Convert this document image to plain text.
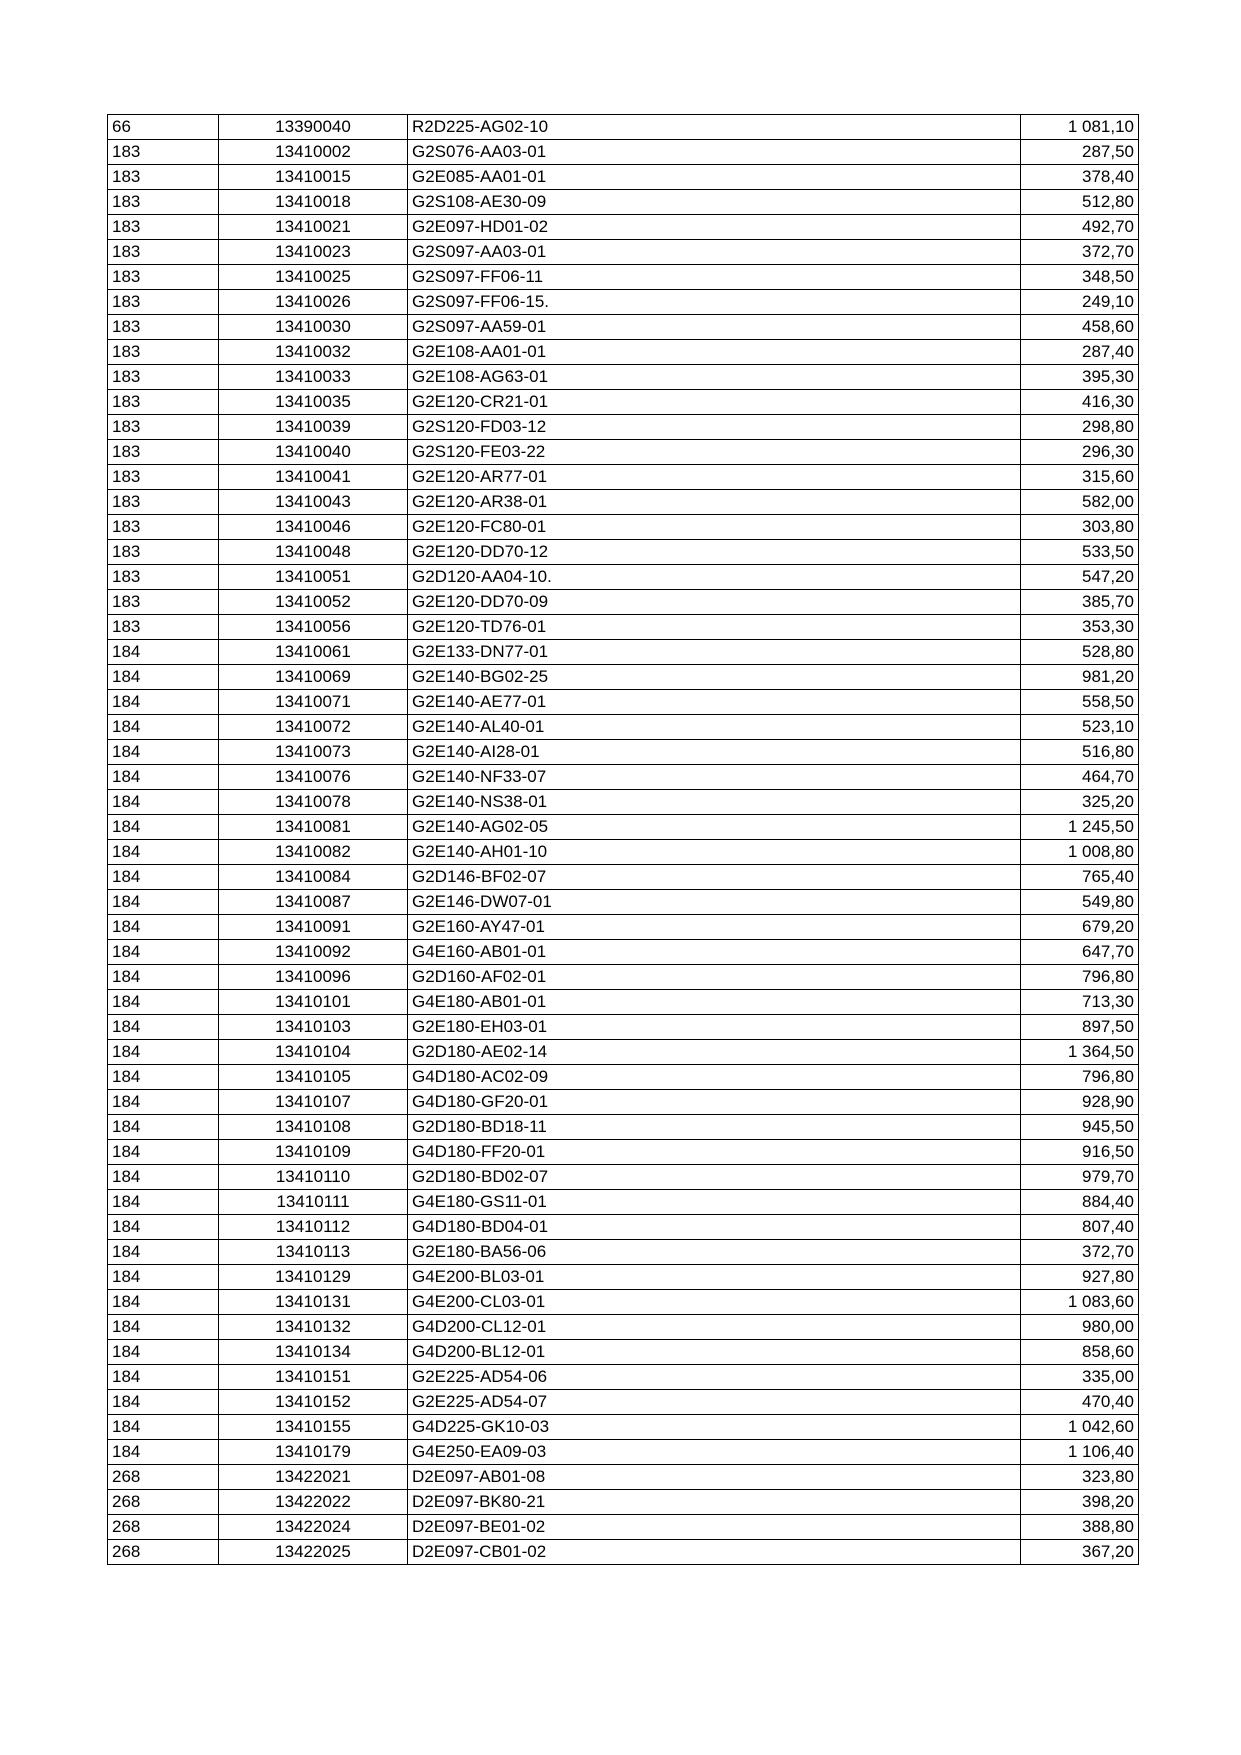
66	13390040	R2D225-AG02-10	1 081,10
183	13410002	G2S076-AA03-01	287,50
183	13410015	G2E085-AA01-01	378,40
183	13410018	G2S108-AE30-09	512,80
183	13410021	G2E097-HD01-02	492,70
183	13410023	G2S097-AA03-01	372,70
183	13410025	G2S097-FF06-11	348,50
183	13410026	G2S097-FF06-15.	249,10
183	13410030	G2S097-AA59-01	458,60
183	13410032	G2E108-AA01-01	287,40
183	13410033	G2E108-AG63-01	395,30
183	13410035	G2E120-CR21-01	416,30
183	13410039	G2S120-FD03-12	298,80
183	13410040	G2S120-FE03-22	296,30
183	13410041	G2E120-AR77-01	315,60
183	13410043	G2E120-AR38-01	582,00
183	13410046	G2E120-FC80-01	303,80
183	13410048	G2E120-DD70-12	533,50
183	13410051	G2D120-AA04-10.	547,20
183	13410052	G2E120-DD70-09	385,70
183	13410056	G2E120-TD76-01	353,30
184	13410061	G2E133-DN77-01	528,80
184	13410069	G2E140-BG02-25	981,20
184	13410071	G2E140-AE77-01	558,50
184	13410072	G2E140-AL40-01	523,10
184	13410073	G2E140-AI28-01	516,80
184	13410076	G2E140-NF33-07	464,70
184	13410078	G2E140-NS38-01	325,20
184	13410081	G2E140-AG02-05	1 245,50
184	13410082	G2E140-AH01-10	1 008,80
184	13410084	G2D146-BF02-07	765,40
184	13410087	G2E146-DW07-01	549,80
184	13410091	G2E160-AY47-01	679,20
184	13410092	G4E160-AB01-01	647,70
184	13410096	G2D160-AF02-01	796,80
184	13410101	G4E180-AB01-01	713,30
184	13410103	G2E180-EH03-01	897,50
184	13410104	G2D180-AE02-14	1 364,50
184	13410105	G4D180-AC02-09	796,80
184	13410107	G4D180-GF20-01	928,90
184	13410108	G2D180-BD18-11	945,50
184	13410109	G4D180-FF20-01	916,50
184	13410110	G2D180-BD02-07	979,70
184	13410111	G4E180-GS11-01	884,40
184	13410112	G4D180-BD04-01	807,40
184	13410113	G2E180-BA56-06	372,70
184	13410129	G4E200-BL03-01	927,80
184	13410131	G4E200-CL03-01	1 083,60
184	13410132	G4D200-CL12-01	980,00
184	13410134	G4D200-BL12-01	858,60
184	13410151	G2E225-AD54-06	335,00
184	13410152	G2E225-AD54-07	470,40
184	13410155	G4D225-GK10-03	1 042,60
184	13410179	G4E250-EA09-03	1 106,40
268	13422021	D2E097-AB01-08	323,80
268	13422022	D2E097-BK80-21	398,20
268	13422024	D2E097-BE01-02	388,80
268	13422025	D2E097-CB01-02	367,20
